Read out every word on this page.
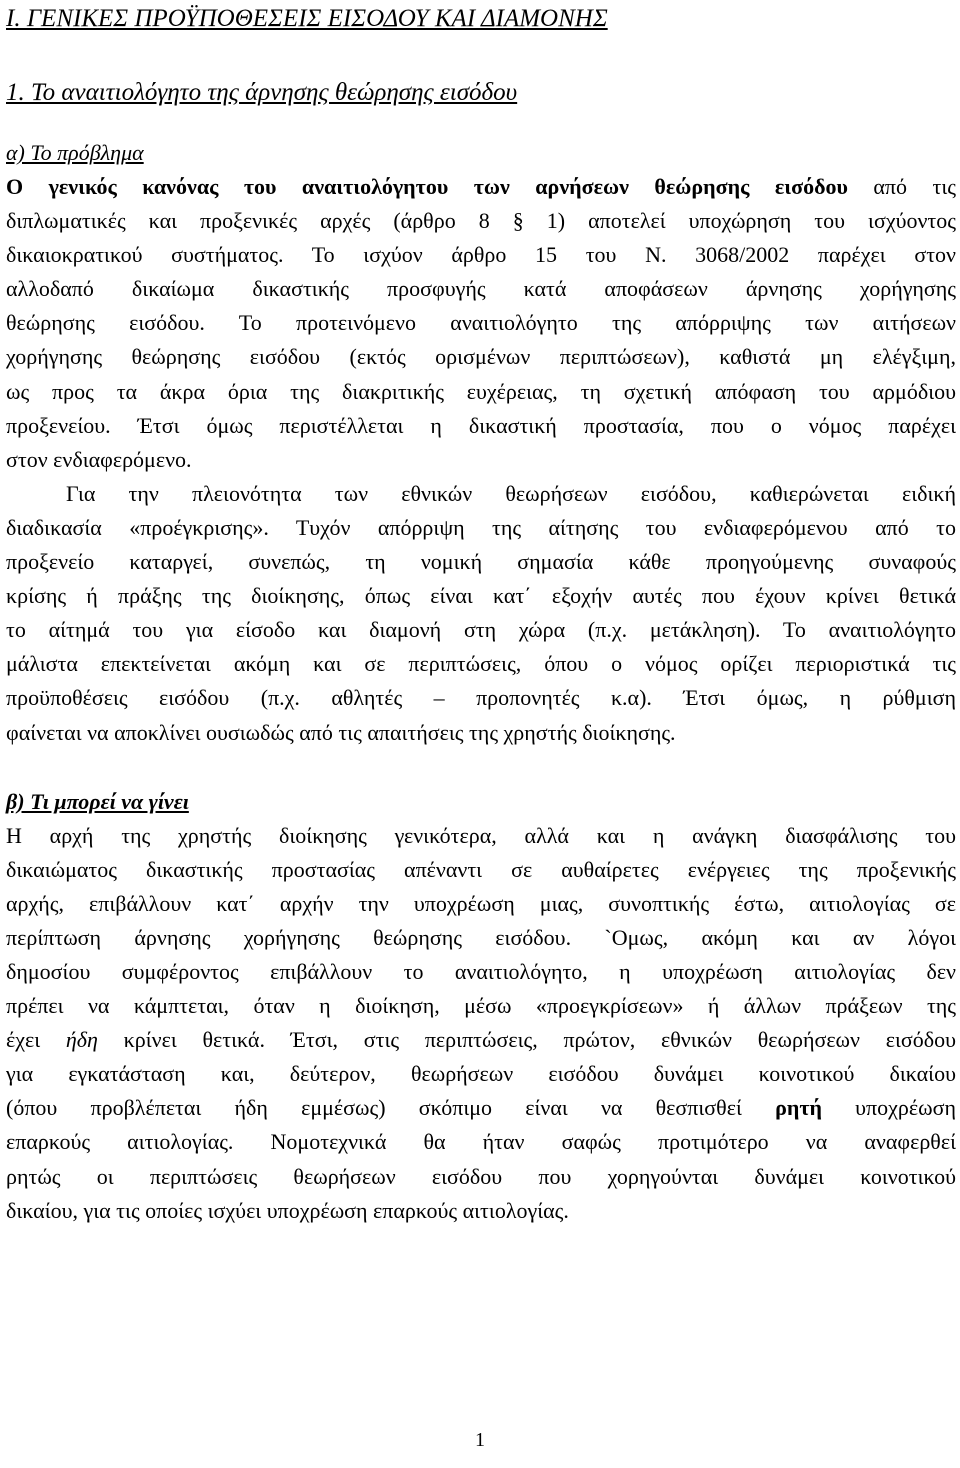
I. ΓΕΝΙΚΕΣ ΠΡΟΫΠΟΘΕΣΕΙΣ ΕΙΣΟΔΟΥ ΚΑΙ ΔΙΑΜΟΝΗΣ
1. Το αναιτιολόγητο της άρνησης θεώρησης εισόδου
α) Το πρόβλημα

Ο γενικός κανόνας του αναιτιολόγητου των αρνήσεων θεώρησης εισόδου από τις
διπλωματικές και προξενικές αρχές (άρθρο 8 § 1) αποτελεί υποχώρηση του ισχύοντος
δικαιοκρατικού συστήματος. Το ισχύον άρθρο 15 του Ν. 3068/2002 παρέχει στον
αλλοδαπό δικαίωμα δικαστικής προσφυγής κατά αποφάσεων άρνησης χορήγησης
θεώρησης εισόδου. Το προτεινόμενο αναιτιολόγητο της απόρριψης των αιτήσεων
χορήγησης θεώρησης εισόδου (εκτός ορισμένων περιπτώσεων), καθιστά μη ελέγξιμη,
ως προς τα άκρα όρια της διακριτικής ευχέρειας, τη σχετική απόφαση του αρμόδιου
προξενείου. Έτσι όμως περιστέλλεται η δικαστική προστασία, που ο νόμος παρέχει
στον ενδιαφερόμενο.

Για την πλειονότητα των εθνικών θεωρήσεων εισόδου, καθιερώνεται ειδική
διαδικασία «προέγκρισης». Τυχόν απόρριψη της αίτησης του ενδιαφερόμενου από το
προξενείο καταργεί, συνεπώς, τη νομική σημασία κάθε προηγούμενης συναφούς
κρίσης ή πράξης της διοίκησης, όπως είναι κατ΄ εξοχήν αυτές που έχουν κρίνει θετικά
το αίτημά του για είσοδο και διαμονή στη χώρα (π.χ. μετάκληση). Το αναιτιολόγητο
μάλιστα επεκτείνεται ακόμη και σε περιπτώσεις, όπου ο νόμος ορίζει περιοριστικά τις
προϋποθέσεις εισόδου (π.χ. αθλητές – προπονητές κ.α). Έτσι όμως, η ρύθμιση
φαίνεται να αποκλίνει ουσιωδώς από τις απαιτήσεις της χρηστής διοίκησης.

β) Τι μπορεί να γίνει

Η αρχή της χρηστής διοίκησης γενικότερα, αλλά και η ανάγκη διασφάλισης του
δικαιώματος δικαστικής προστασίας απέναντι σε αυθαίρετες ενέργειες της προξενικής
αρχής, επιβάλλουν κατ΄ αρχήν την υποχρέωση μιας, συνοπτικής έστω, αιτιολογίας σε
περίπτωση άρνησης χορήγησης θεώρησης εισόδου. `Ομως, ακόμη και αν λόγοι
δημοσίου συμφέροντος επιβάλλουν το αναιτιολόγητο, η υποχρέωση αιτιολογίας δεν
πρέπει να κάμπτεται, όταν η διοίκηση, μέσω «προεγκρίσεων» ή άλλων πράξεων της
έχει ήδη κρίνει θετικά. Έτσι, στις περιπτώσεις, πρώτον, εθνικών θεωρήσεων εισόδου
για εγκατάσταση και, δεύτερον, θεωρήσεων εισόδου δυνάμει κοινοτικού δικαίου
(όπου προβλέπεται ήδη εμμέσως) σκόπιμο είναι να θεσπισθεί ρητή υποχρέωση
επαρκούς αιτιολογίας. Νομοτεχνικά θα ήταν σαφώς προτιμότερο να αναφερθεί
ρητώς οι περιπτώσεις θεωρήσεων εισόδου που χορηγούνται δυνάμει κοινοτικού
δικαίου, για τις οποίες ισχύει υποχρέωση επαρκούς αιτιολογίας.

1
